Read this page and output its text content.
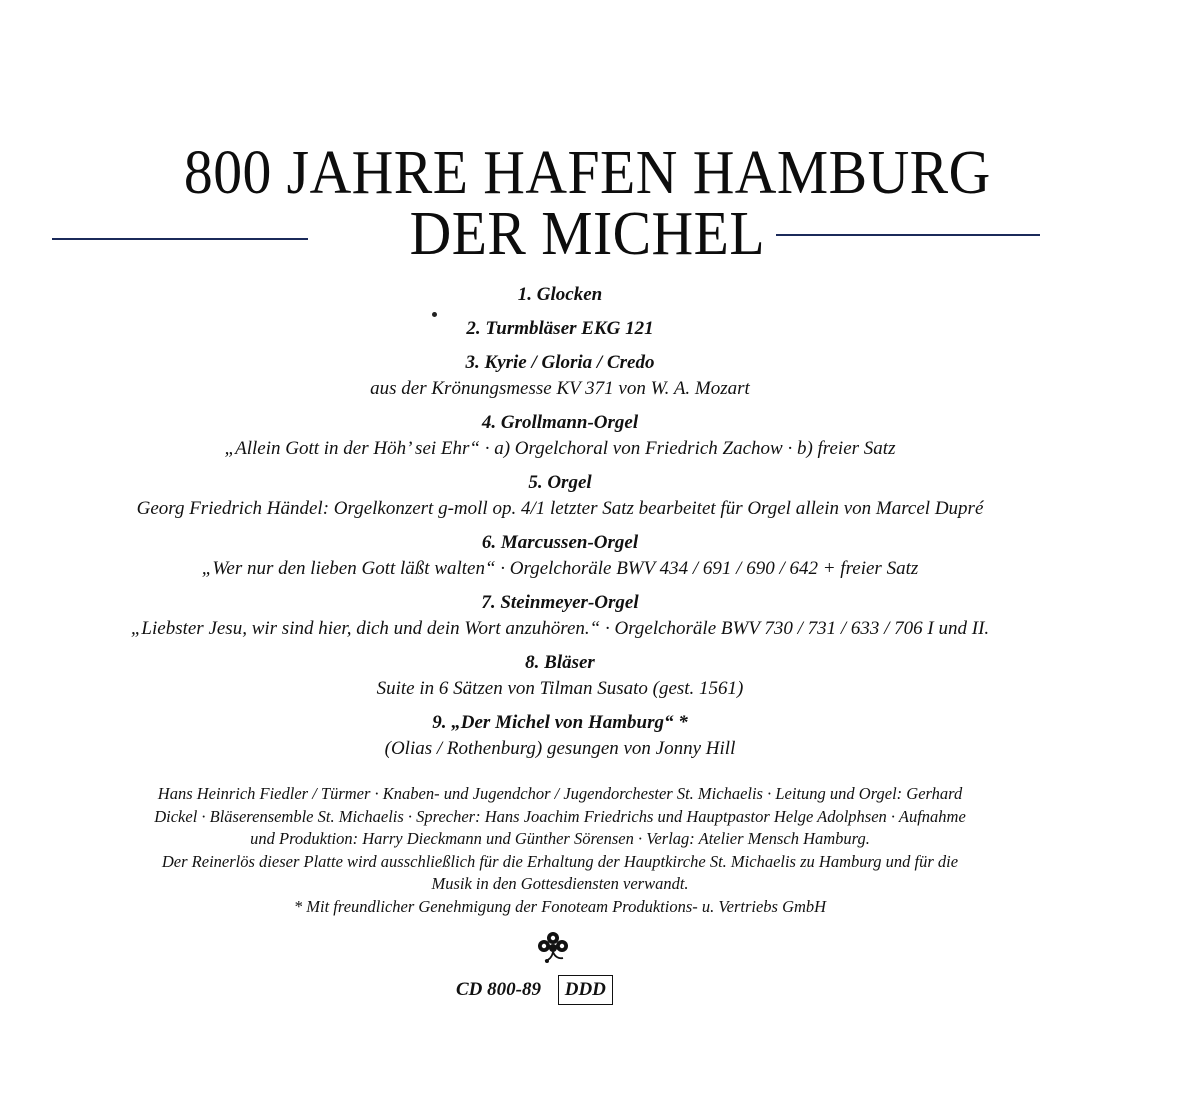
800 JAHRE HAFEN HAMBURG
DER MICHEL
1. Glocken
2. Turmbläser EKG 121
3. Kyrie / Gloria / Credo
aus der Krönungsmesse KV 371 von W. A. Mozart
4. Grollmann-Orgel
„Allein Gott in der Höh’ sei Ehr“ · a) Orgelchoral von Friedrich Zachow · b) freier Satz
5. Orgel
Georg Friedrich Händel: Orgelkonzert g-moll op. 4/1 letzter Satz bearbeitet für Orgel allein von Marcel Dupré
6. Marcussen-Orgel
„Wer nur den lieben Gott läßt walten“ · Orgelchoräle BWV 434 / 691 / 690 / 642 + freier Satz
7. Steinmeyer-Orgel
„Liebster Jesu, wir sind hier, dich und dein Wort anzuhören.“ · Orgelchoräle BWV 730 / 731 / 633 / 706 I und II.
8. Bläser
Suite in 6 Sätzen von Tilman Susato (gest. 1561)
9. „Der Michel von Hamburg“ *
(Olias / Rothenburg) gesungen von Jonny Hill
Hans Heinrich Fiedler / Türmer · Knaben- und Jugendchor / Jugendorchester St. Michaelis · Leitung und Orgel: Gerhard
Dickel · Bläserensemble St. Michaelis · Sprecher: Hans Joachim Friedrichs und Hauptpastor Helge Adolphsen · Aufnahme
und Produktion: Harry Dieckmann und Günther Sörensen · Verlag: Atelier Mensch Hamburg.
Der Reinerlös dieser Platte wird ausschließlich für die Erhaltung der Hauptkirche St. Michaelis zu Hamburg und für die
Musik in den Gottesdiensten verwandt.
* Mit freundlicher Genehmigung der Fonoteam Produktions- u. Vertriebs GmbH
CD 800-89 DDD
